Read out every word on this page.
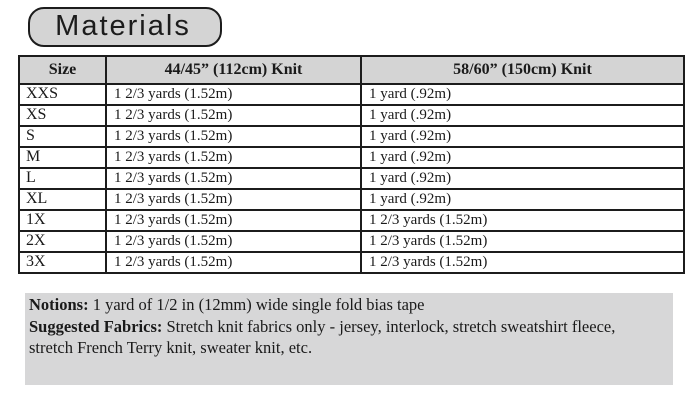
Materials
Size	44/45” (112cm) Knit	58/60” (150cm) Knit
XXS	1 2/3 yards (1.52m)	1 yard (.92m)
XS	1 2/3 yards (1.52m)	1 yard (.92m)
S	1 2/3 yards (1.52m)	1 yard (.92m)
M	1 2/3 yards (1.52m)	1 yard (.92m)
L	1 2/3 yards (1.52m)	1 yard (.92m)
XL	1 2/3 yards (1.52m)	1 yard (.92m)
1X	1 2/3 yards (1.52m)	1 2/3 yards (1.52m)
2X	1 2/3 yards (1.52m)	1 2/3 yards (1.52m)
3X	1 2/3 yards (1.52m)	1 2/3 yards (1.52m)

Notions: 1 yard of 1/2 in (12mm) wide single fold bias tape

Suggested Fabrics: Stretch knit fabrics only - jersey, interlock, stretch sweatshirt fleece, stretch French Terry knit, sweater knit, etc.
